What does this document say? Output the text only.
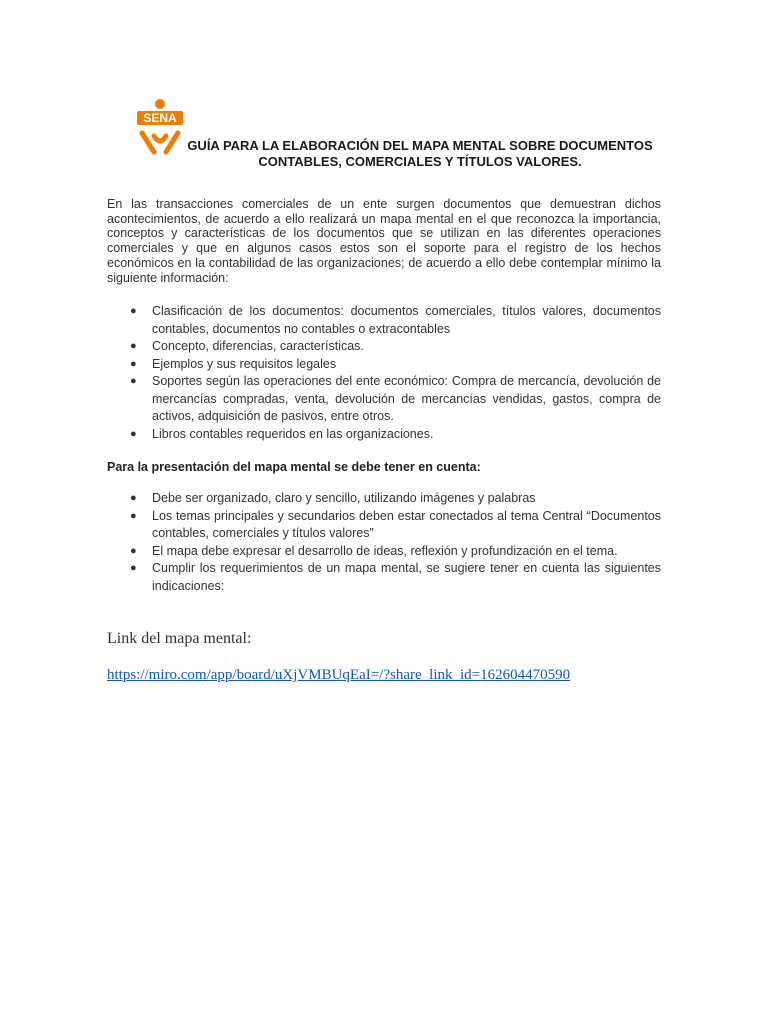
SENA
GUÍA PARA LA ELABORACIÓN DEL MAPA MENTAL SOBRE DOCUMENTOS
CONTABLES, COMERCIALES Y TÍTULOS VALORES.
En las transacciones comerciales de un ente surgen documentos que demuestran dichos acontecimientos, de acuerdo a ello realizará un mapa mental en el que reconozca la importancia, conceptos y características de los documentos que se utilizan en las diferentes operaciones comerciales y que en algunos casos estos son el soporte para el registro de los hechos económicos en la contabilidad de las organizaciones; de acuerdo a ello debe contemplar mínimo la siguiente información:
● Clasificación de los documentos: documentos comerciales, títulos valores, documentos contables, documentos no contables o extracontables
● Concepto, diferencias, características.
● Ejemplos y sus requisitos legales
● Soportes según las operaciones del ente económico: Compra de mercancía, devolución de mercancías compradas, venta, devolución de mercancías vendidas, gastos, compra de activos, adquisición de pasivos, entre otros.
● Libros contables requeridos en las organizaciones.
Para la presentación del mapa mental se debe tener en cuenta:
● Debe ser organizado, claro y sencillo, utilizando imágenes y palabras
● Los temas principales y secundarios deben estar conectados al tema Central “Documentos contables, comerciales y títulos valores”
● El mapa debe expresar el desarrollo de ideas, reflexión y profundización en el tema.
● Cumplir los requerimientos de un mapa mental, se sugiere tener en cuenta las siguientes indicaciones:
Link del mapa mental:
https://miro.com/app/board/uXjVMBUqEaI=/?share_link_id=162604470590
